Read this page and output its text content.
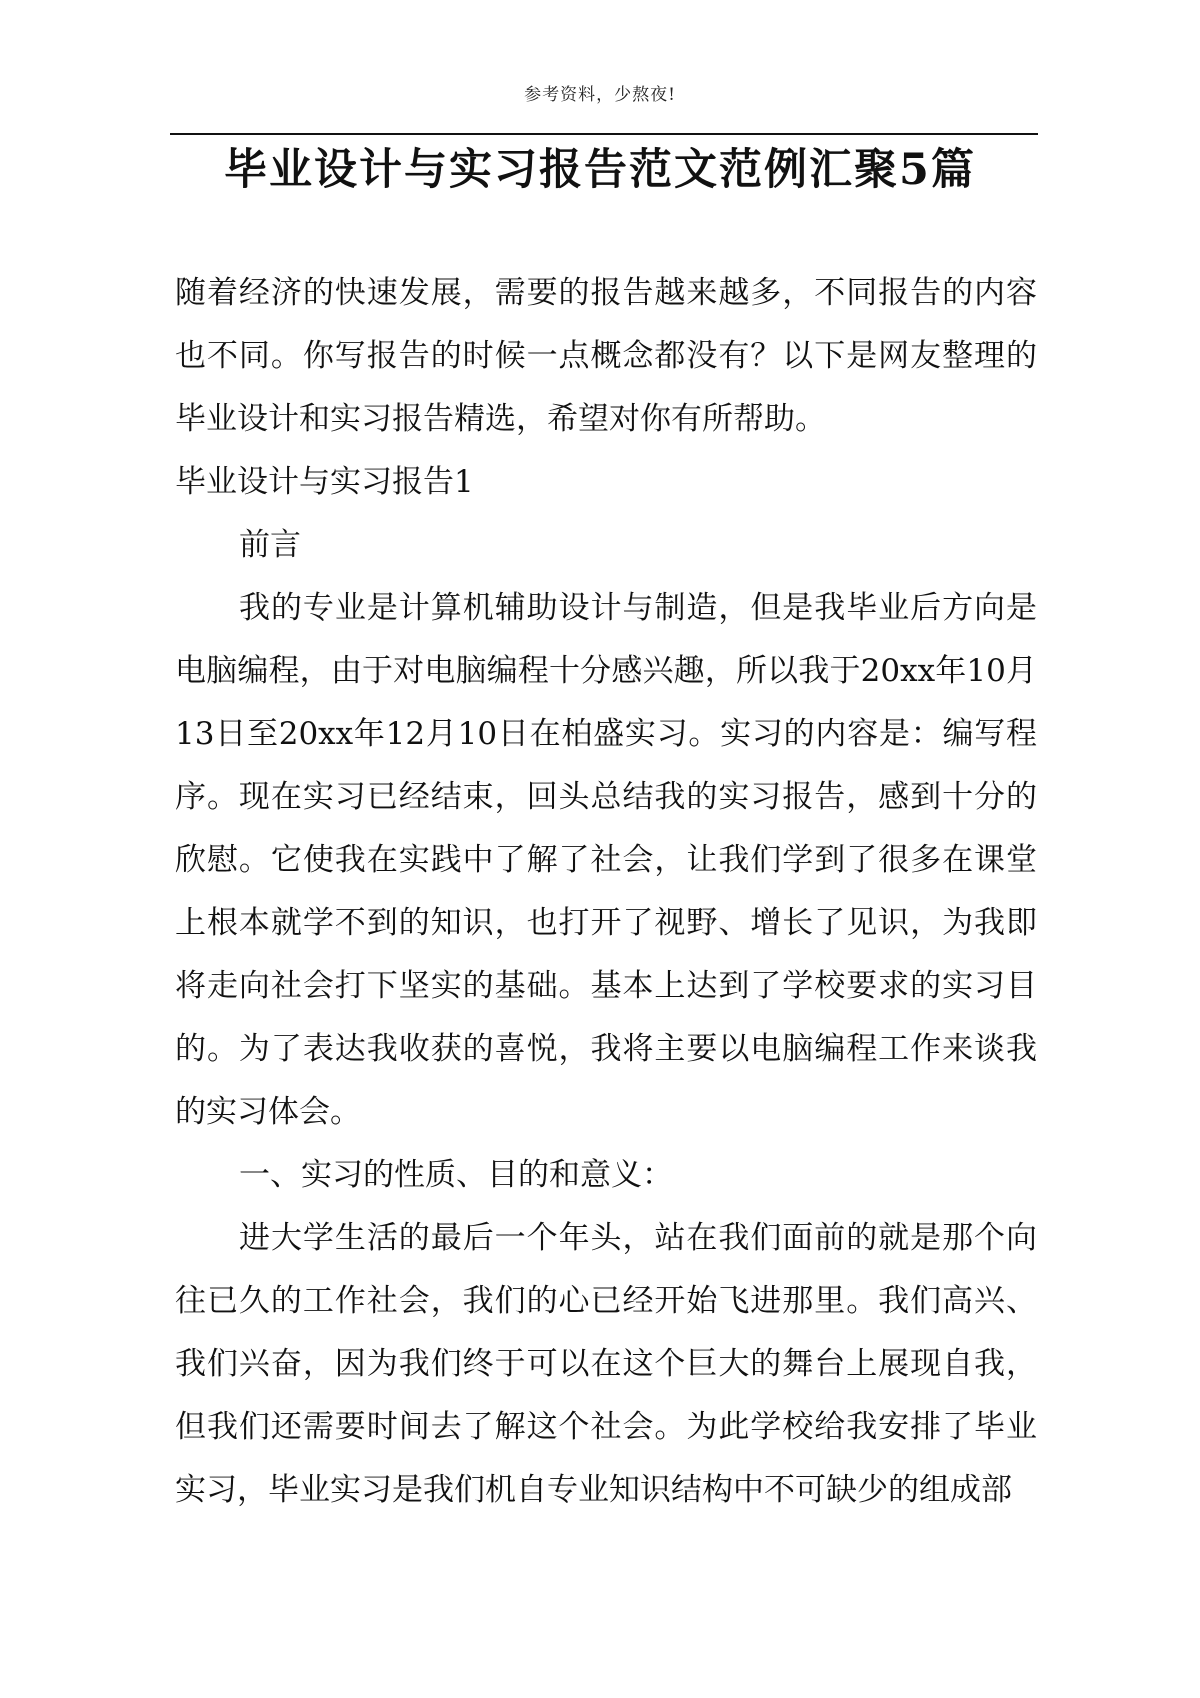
参考资料，少熬夜!
毕业设计与实习报告范文范例汇聚5篇

随着经济的快速发展，需要的报告越来越多，不同报告的内容也不同。你写报告的时候一点概念都没有？以下是网友整理的毕业设计和实习报告精选，希望对你有所帮助。

毕业设计与实习报告1

前言

我的专业是计算机辅助设计与制造，但是我毕业后方向是电脑编程，由于对电脑编程十分感兴趣，所以我于20xx年10月13日至20xx年12月10日在柏盛实习。实习的内容是：编写程序。现在实习已经结束，回头总结我的实习报告，感到十分的欣慰。它使我在实践中了解了社会，让我们学到了很多在课堂上根本就学不到的知识，也打开了视野、增长了见识，为我即将走向社会打下坚实的基础。基本上达到了学校要求的实习目的。为了表达我收获的喜悦，我将主要以电脑编程工作来谈我的实习体会。

一、实习的性质、目的和意义：

进大学生活的最后一个年头，站在我们面前的就是那个向往已久的工作社会，我们的心已经开始飞进那里。我们高兴、我们兴奋，因为我们终于可以在这个巨大的舞台上展现自我，但我们还需要时间去了解这个社会。为此学校给我安排了毕业实习，毕业实习是我们机自专业知识结构中不可缺少的组成部
